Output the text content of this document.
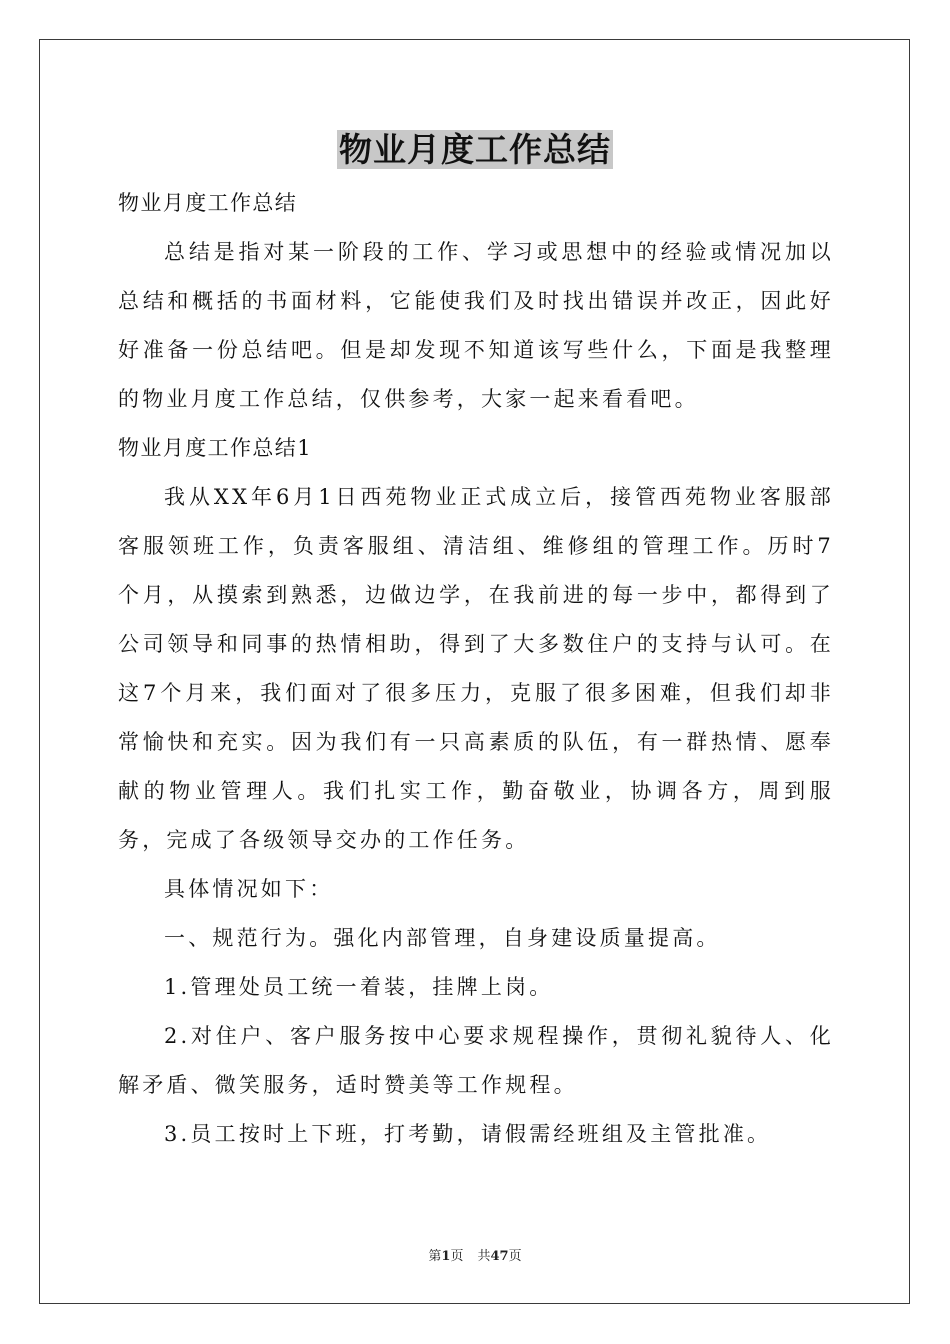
物业月度工作总结

物业月度工作总结

总结是指对某一阶段的工作、学习或思想中的经验或情况加以总结和概括的书面材料，它能使我们及时找出错误并改正，因此好好准备一份总结吧。但是却发现不知道该写些什么，下面是我整理的物业月度工作总结，仅供参考，大家一起来看看吧。

物业月度工作总结1

我从XX年6月1日西苑物业正式成立后，接管西苑物业客服部客服领班工作，负责客服组、清洁组、维修组的管理工作。历时7个月，从摸索到熟悉，边做边学，在我前进的每一步中，都得到了公司领导和同事的热情相助，得到了大多数住户的支持与认可。在这7个月来，我们面对了很多压力，克服了很多困难，但我们却非常愉快和充实。因为我们有一只高素质的队伍，有一群热情、愿奉献的物业管理人。我们扎实工作，勤奋敬业，协调各方，周到服务，完成了各级领导交办的工作任务。

具体情况如下：

一、规范行为。强化内部管理，自身建设质量提高。

1.管理处员工统一着装，挂牌上岗。

2.对住户、客户服务按中心要求规程操作，贯彻礼貌待人、化解矛盾、微笑服务，适时赞美等工作规程。

3.员工按时上下班，打考勤，请假需经班组及主管批准。

第1页 共47页
